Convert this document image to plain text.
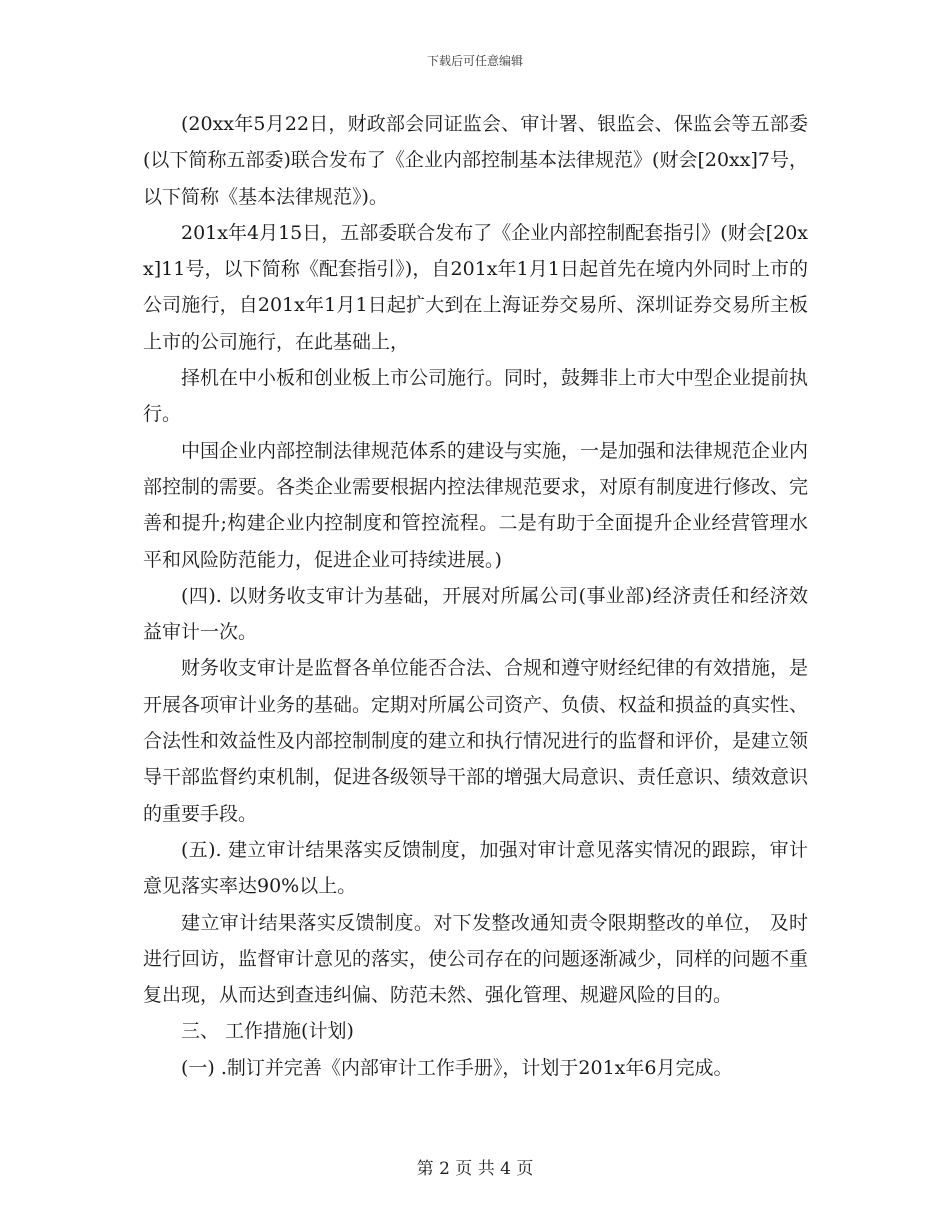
下载后可任意编辑

(20xx年5月22日，财政部会同证监会、审计署、银监会、保监会等五部委(以下简称五部委)联合发布了《企业内部控制基本法律规范》(财会[20xx]7号，以下简称《基本法律规范》)。

201x年4月15日，五部委联合发布了《企业内部控制配套指引》(财会[20xx]11号，以下简称《配套指引》)，自201x年1月1日起首先在境内外同时上市的公司施行，自201x年1月1日起扩大到在上海证券交易所、深圳证券交易所主板上市的公司施行，在此基础上，

择机在中小板和创业板上市公司施行。同时，鼓舞非上市大中型企业提前执行。

中国企业内部控制法律规范体系的建设与实施，一是加强和法律规范企业内部控制的需要。各类企业需要根据内控法律规范要求，对原有制度进行修改、完善和提升;构建企业内控制度和管控流程。二是有助于全面提升企业经营管理水平和风险防范能力，促进企业可持续进展。)

(四). 以财务收支审计为基础，开展对所属公司(事业部)经济责任和经济效益审计一次。

财务收支审计是监督各单位能否合法、合规和遵守财经纪律的有效措施，是开展各项审计业务的基础。定期对所属公司资产、负债、权益和损益的真实性、合法性和效益性及内部控制制度的建立和执行情况进行的监督和评价，是建立领导干部监督约束机制，促进各级领导干部的增强大局意识、责任意识、绩效意识的重要手段。

(五). 建立审计结果落实反馈制度，加强对审计意见落实情况的跟踪，审计意见落实率达90%以上。

建立审计结果落实反馈制度。对下发整改通知责令限期整改的单位， 及时进行回访，监督审计意见的落实，使公司存在的问题逐渐减少，同样的问题不重复出现，从而达到查违纠偏、防范未然、强化管理、规避风险的目的。

三、 工作措施(计划)

(一) .制订并完善《内部审计工作手册》，计划于201x年6月完成。

第 2 页 共 4 页
